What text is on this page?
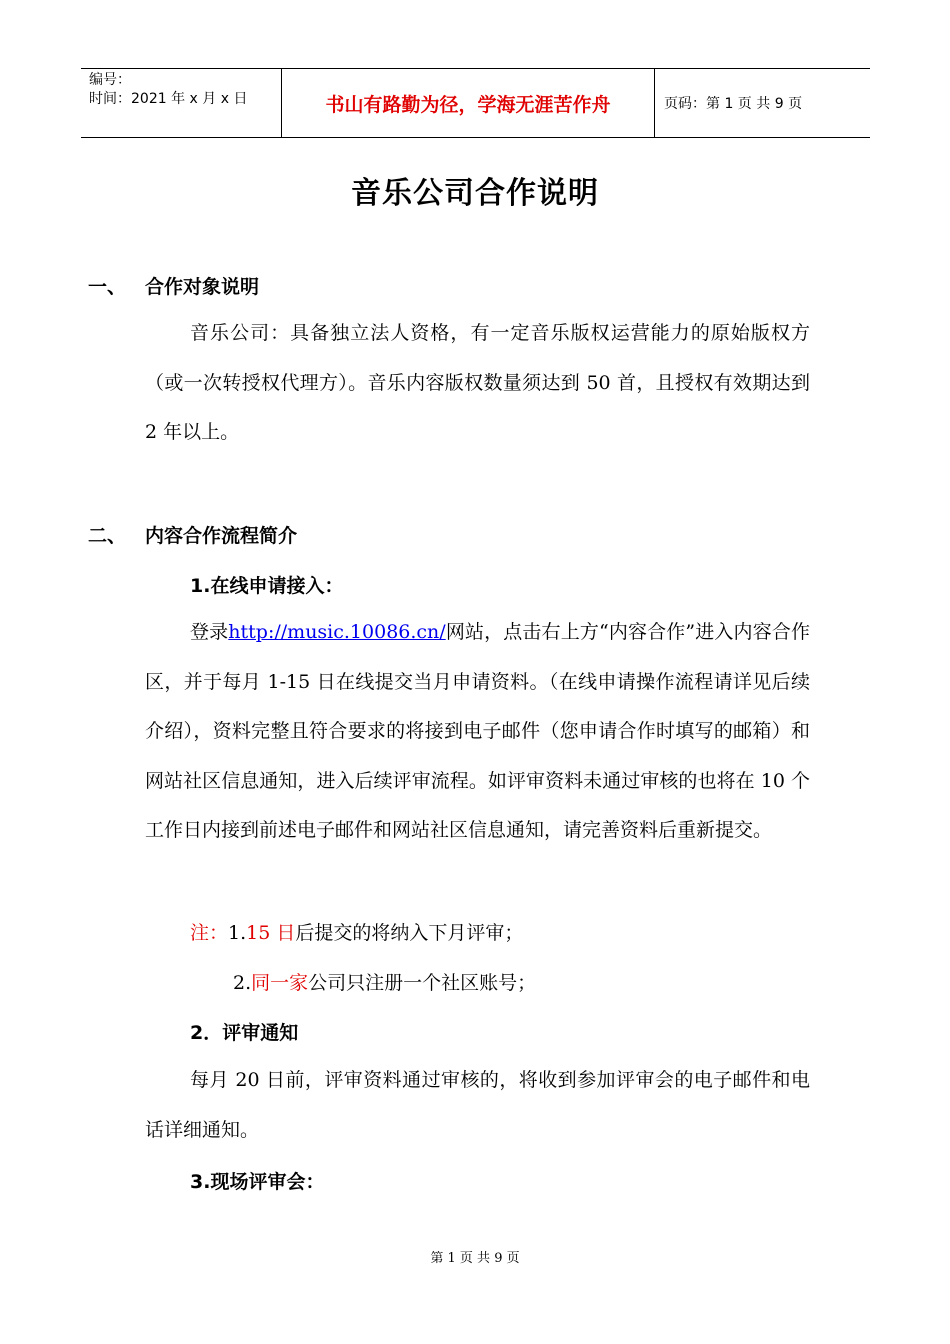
编号：
时间：2021 年 x 月 x 日	书山有路勤为径，学海无涯苦作舟	页码：第 1 页 共 9 页
音乐公司合作说明
一、 合作对象说明

音乐公司：具备独立法人资格，有一定音乐版权运营能力的原始版权方（或一次转授权代理方）。音乐内容版权数量须达到 50 首，且授权有效期达到 2 年以上。

二、 内容合作流程简介
1.在线申请接入：

登录http://music.10086.cn/网站，点击右上方“内容合作”进入内容合作区，并于每月 1-15 日在线提交当月申请资料。（在线申请操作流程请详见后续介绍），资料完整且符合要求的将接到电子邮件（您申请合作时填写的邮箱）和网站社区信息通知，进入后续评审流程。如评审资料未通过审核的也将在 10 个工作日内接到前述电子邮件和网站社区信息通知，请完善资料后重新提交。

注：1.15 日后提交的将纳入下月评审；
2.同一家公司只注册一个社区账号；
2．评审通知

每月 20 日前，评审资料通过审核的，将收到参加评审会的电子邮件和电话详细通知。

3.现场评审会：
第 1 页 共 9 页
